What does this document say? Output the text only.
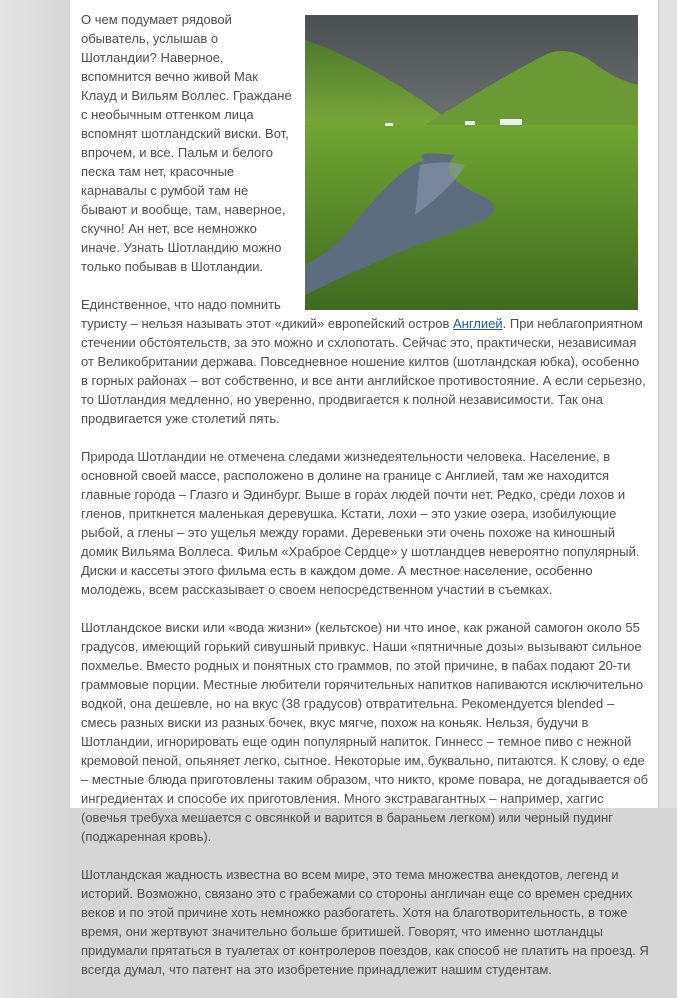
О чем подумает рядовой обыватель, услышав о Шотландии? Наверное, вспомнится вечно живой Мак Клауд и Вильям Воллес. Граждане с необычным оттенком лица вспомнят шотландский виски. Вот, впрочем, и все. Пальм и белого песка там нет, красочные карнавалы с румбой там не бывают и вообще, там, наверное, скучно! Ан нет, все немножко иначе. Узнать Шотландию можно только побывав в Шотландии.

Единственное, что надо помнить туристу – нельзя называть этот «дикий» европейский остров Англией. При неблагоприятном стечении обстоятельств, за это можно и схлопотать. Сейчас это, практически, независимая от Великобритании держава. Повседневное ношение килтов (шотландская юбка), особенно в горных районах – вот собственно, и все анти английское противостояние. А если серьезно, то Шотландия медленно, но уверенно, продвигается к полной независимости. Так она продвигается уже столетий пять.

Природа Шотландии не отмечена следами жизнедеятельности человека. Население, в основной своей массе, расположено в долине на границе с Англией, там же находится главные города – Глазго и Эдинбург. Выше в горах людей почти нет. Редко, среди лохов и гленов, приткнется маленькая деревушка. Кстати, лохи – это узкие озера, изобилующие рыбой, а глены – это ущелья между горами. Деревеньки эти очень похоже на киношный домик Вильяма Воллеса. Фильм «Храброе Сердце» у шотландцев невероятно популярный. Диски и кассеты этого фильма есть в каждом доме. А местное население, особенно молодежь, всем рассказывает о своем непосредственном участии в съемках.

Шотландское виски или «вода жизни» (кельтское) ни что иное, как ржаной самогон около 55 градусов, имеющий горький сивушный привкус. Наши «пятничные дозы» вызывают сильное похмелье. Вместо родных и понятных сто граммов, по этой причине, в пабах подают 20-ти граммовые порции. Местные любители горячительных напитков напиваются исключительно водкой, она дешевле, но на вкус (38 градусов) отвратительна. Рекомендуется blended – смесь разных виски из разных бочек, вкус мягче, похож на коньяк. Нельзя, будучи в Шотландии, игнорировать еще один популярный напиток. Гиннесс – темное пиво с нежной кремовой пеной, опьяняет легко, сытное. Некоторые им, буквально, питаются. К слову, о еде – местные блюда приготовлены таким образом, что никто, кроме повара, не догадывается об ингредиентах и способе их приготовления. Много экстравагантных – например, хаггис (овечья требуха мешается с овсянкой и варится в бараньем легком) или черный пудинг (поджаренная кровь).

Шотландская жадность известна во всем мире, это тема множества анекдотов, легенд и историй. Возможно, связано это с грабежами со стороны англичан еще со времен средних веков и по этой причине хоть немножко разбогатеть. Хотя на благотворительность, в тоже время, они жертвуют значительно больше бритишей. Говорят, что именно шотландцы придумали прятаться в туалетах от контролеров поездов, как способ не платить на проезд. Я всегда думал, что патент на это изобретение принадлежит нашим студентам.
